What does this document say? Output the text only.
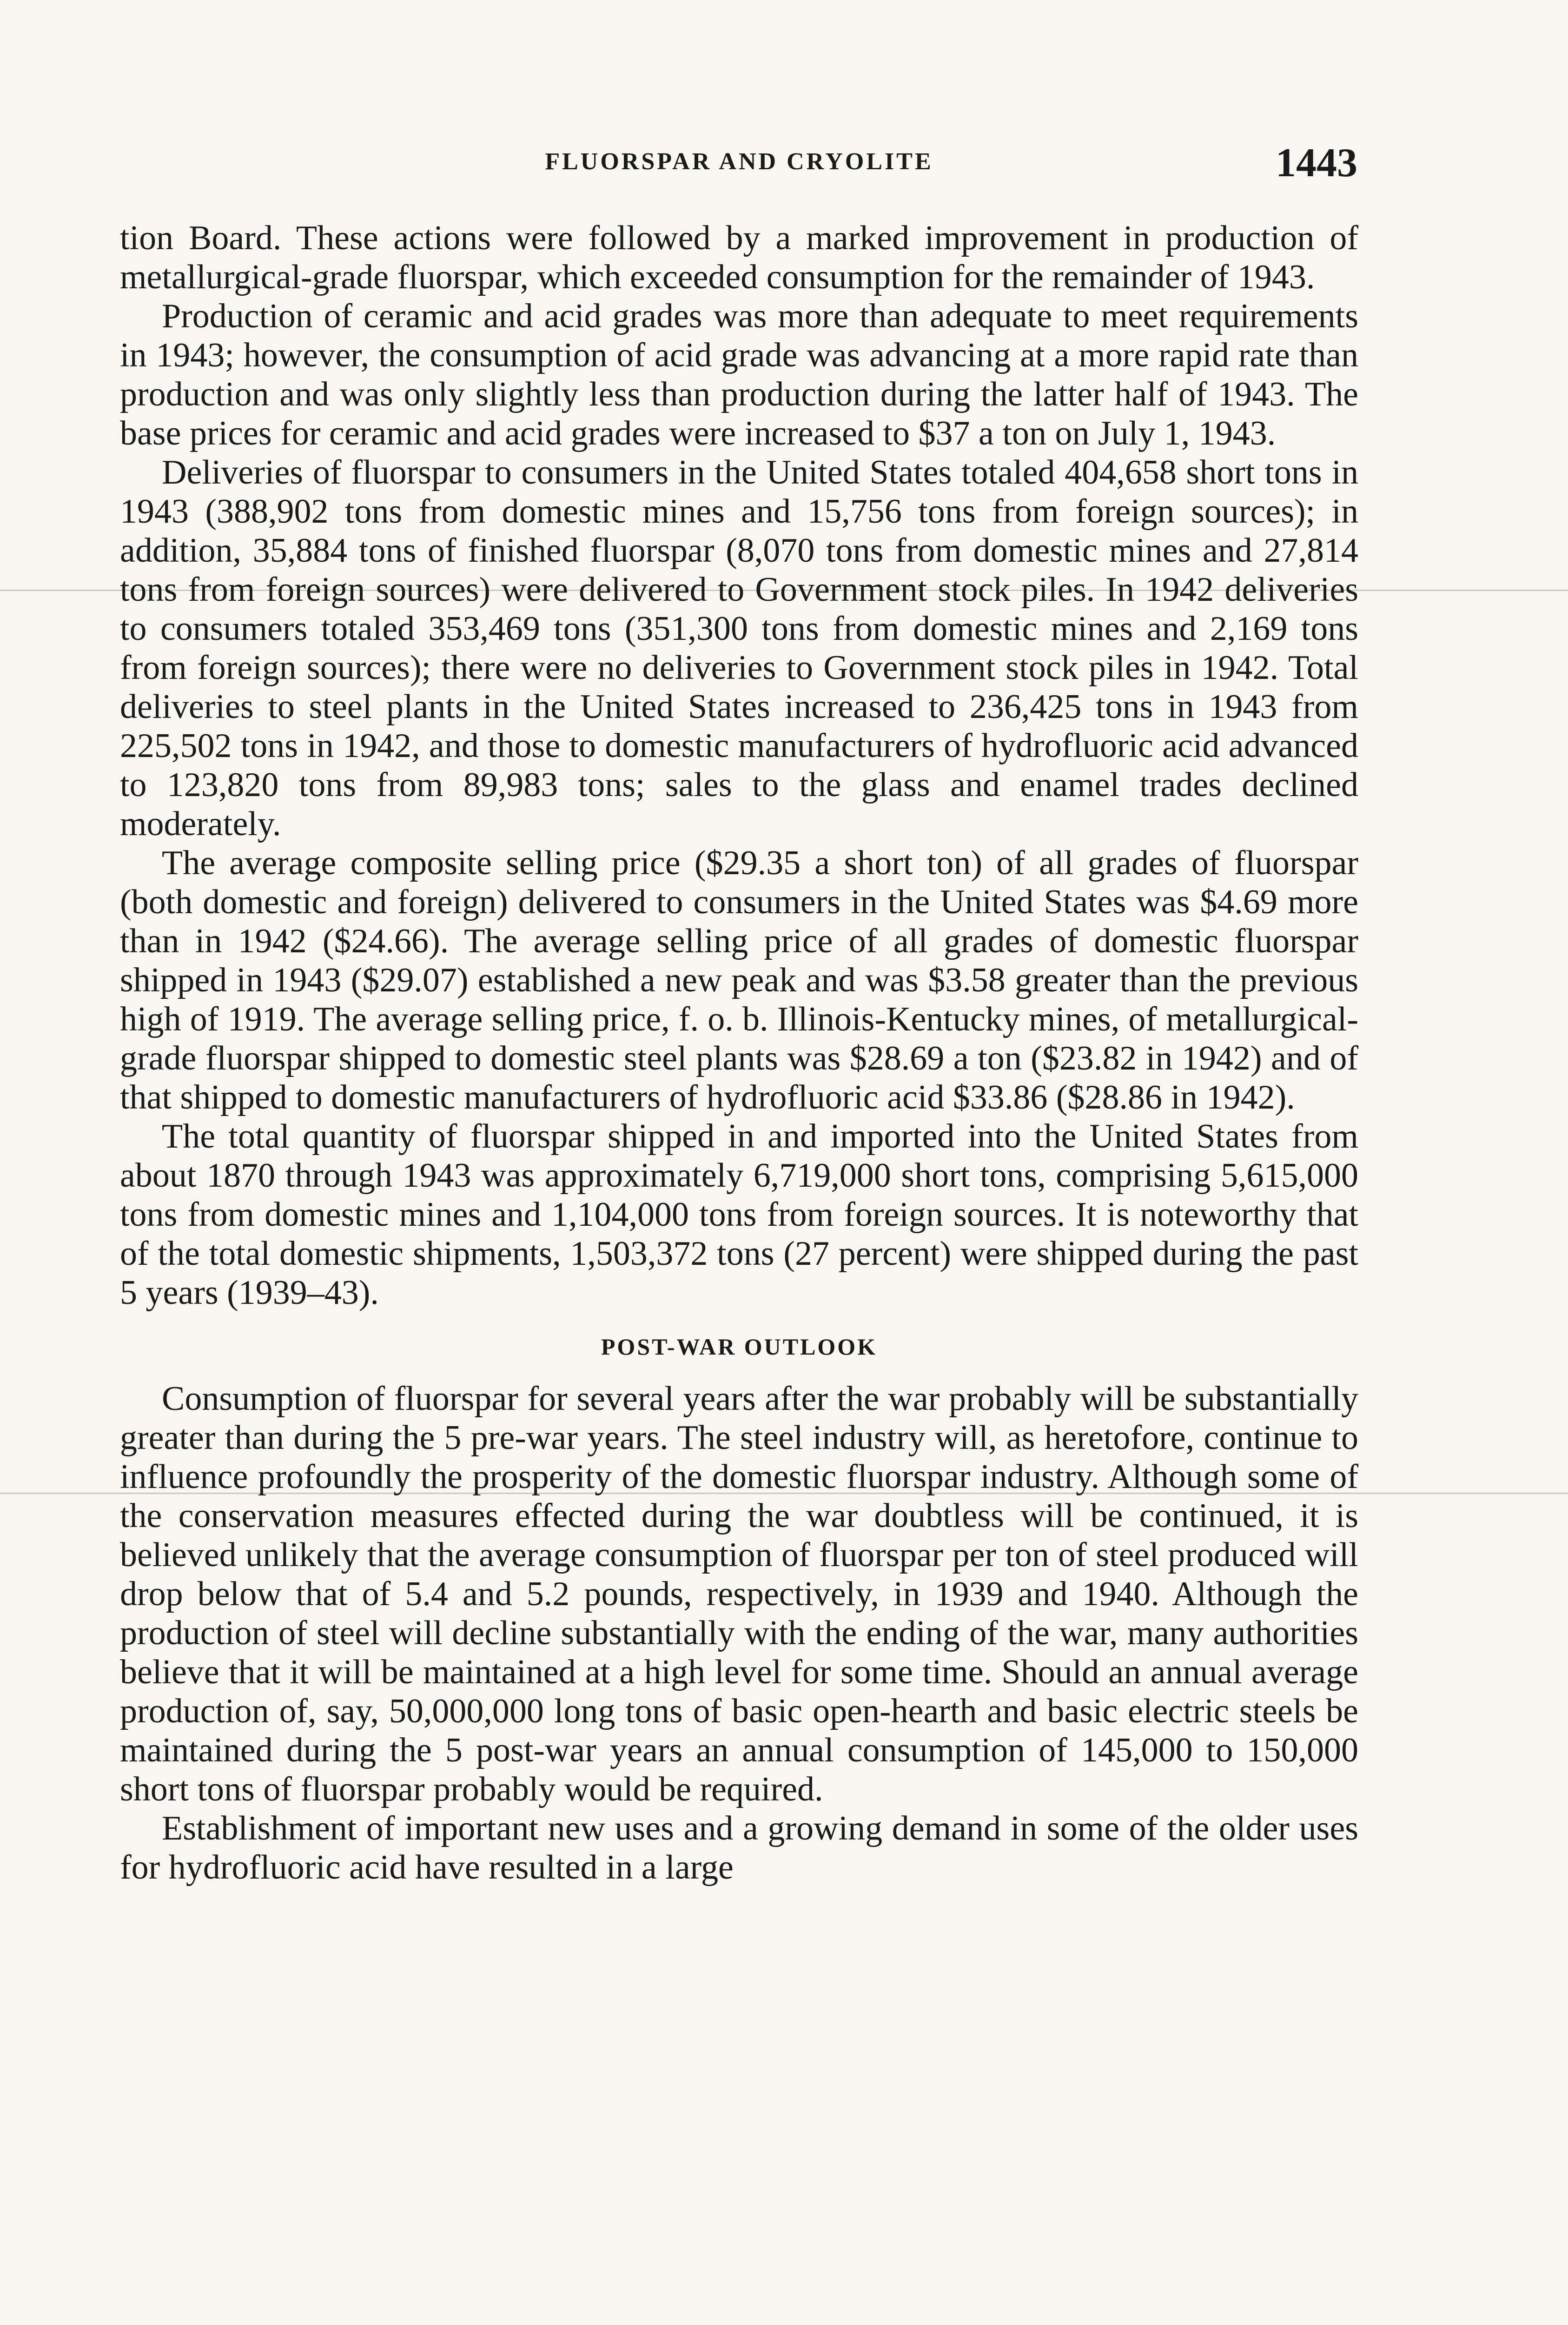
FLUORSPAR AND CRYOLITE	1443

tion Board. These actions were followed by a marked improvement in production of metallurgical-grade fluorspar, which exceeded consumption for the remainder of 1943.

Production of ceramic and acid grades was more than adequate to meet requirements in 1943; however, the consumption of acid grade was advancing at a more rapid rate than production and was only slightly less than production during the latter half of 1943. The base prices for ceramic and acid grades were increased to $37 a ton on July 1, 1943.

Deliveries of fluorspar to consumers in the United States totaled 404,658 short tons in 1943 (388,902 tons from domestic mines and 15,756 tons from foreign sources); in addition, 35,884 tons of finished fluorspar (8,070 tons from domestic mines and 27,814 tons from foreign sources) were delivered to Government stock piles. In 1942 deliveries to consumers totaled 353,469 tons (351,300 tons from domestic mines and 2,169 tons from foreign sources); there were no deliveries to Government stock piles in 1942. Total deliveries to steel plants in the United States increased to 236,425 tons in 1943 from 225,502 tons in 1942, and those to domestic manufacturers of hydrofluoric acid advanced to 123,820 tons from 89,983 tons; sales to the glass and enamel trades declined moderately.

The average composite selling price ($29.35 a short ton) of all grades of fluorspar (both domestic and foreign) delivered to consumers in the United States was $4.69 more than in 1942 ($24.66). The average selling price of all grades of domestic fluorspar shipped in 1943 ($29.07) established a new peak and was $3.58 greater than the previous high of 1919. The average selling price, f. o. b. Illinois-Kentucky mines, of metallurgical-grade fluorspar shipped to domestic steel plants was $28.69 a ton ($23.82 in 1942) and of that shipped to domestic manufacturers of hydrofluoric acid $33.86 ($28.86 in 1942).

The total quantity of fluorspar shipped in and imported into the United States from about 1870 through 1943 was approximately 6,719,000 short tons, comprising 5,615,000 tons from domestic mines and 1,104,000 tons from foreign sources. It is noteworthy that of the total domestic shipments, 1,503,372 tons (27 percent) were shipped during the past 5 years (1939–43).

POST-WAR OUTLOOK

Consumption of fluorspar for several years after the war probably will be substantially greater than during the 5 pre-war years. The steel industry will, as heretofore, continue to influence profoundly the prosperity of the domestic fluorspar industry. Although some of the conservation measures effected during the war doubtless will be continued, it is believed unlikely that the average consumption of fluorspar per ton of steel produced will drop below that of 5.4 and 5.2 pounds, respectively, in 1939 and 1940. Although the production of steel will decline substantially with the ending of the war, many authorities believe that it will be maintained at a high level for some time. Should an annual average production of, say, 50,000,000 long tons of basic open-hearth and basic electric steels be maintained during the 5 post-war years an annual consumption of 145,000 to 150,000 short tons of fluorspar probably would be required.

Establishment of important new uses and a growing demand in some of the older uses for hydrofluoric acid have resulted in a large
